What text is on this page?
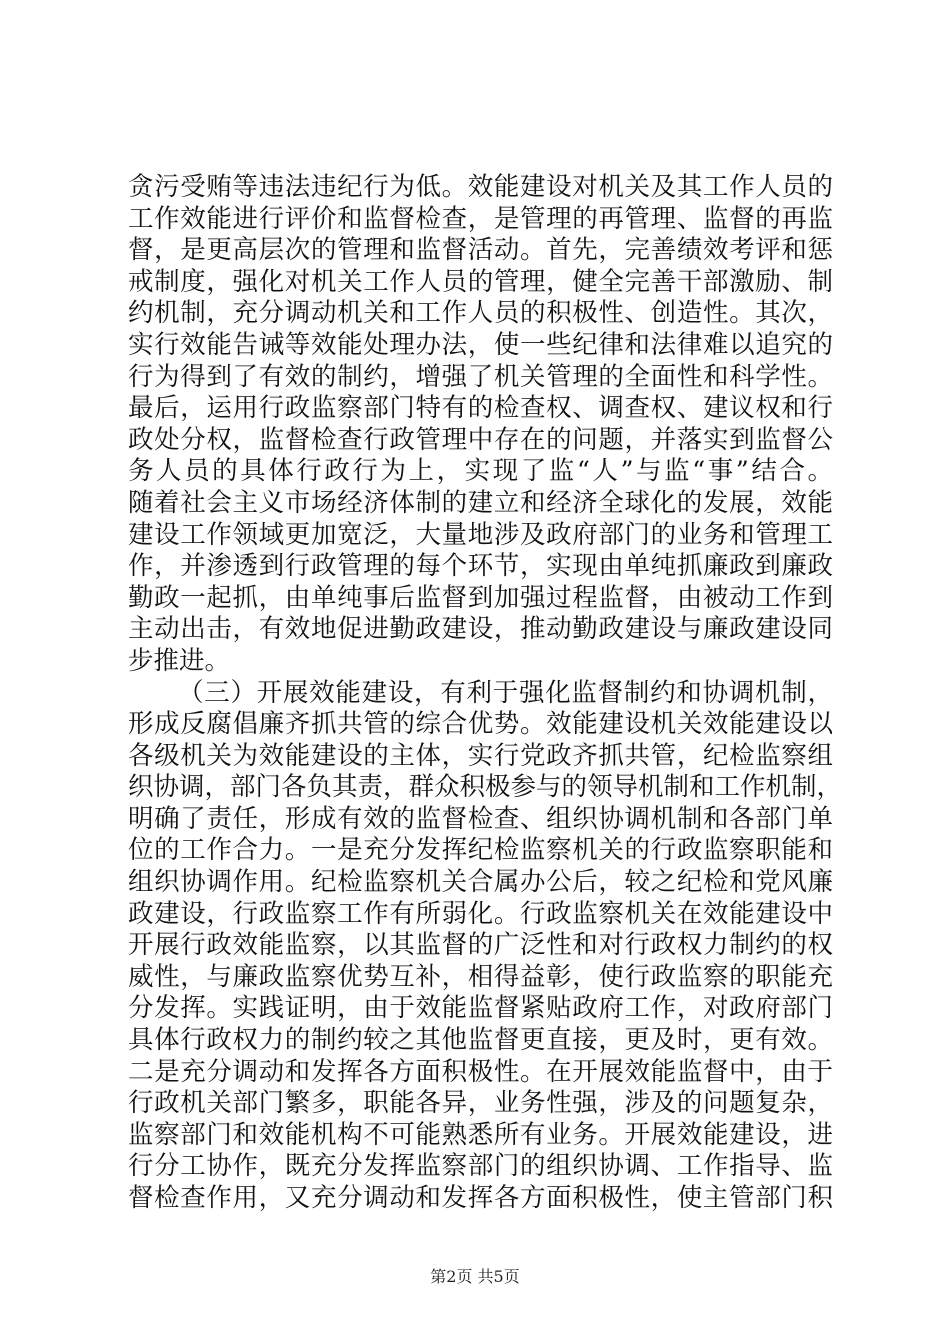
贪污受贿等违法违纪行为低。效能建设对机关及其工作人员的
工作效能进行评价和监督检查，是管理的再管理、监督的再监
督，是更高层次的管理和监督活动。首先，完善绩效考评和惩
戒制度，强化对机关工作人员的管理，健全完善干部激励、制
约机制，充分调动机关和工作人员的积极性、创造性。其次，
实行效能告诫等效能处理办法，使一些纪律和法律难以追究的
行为得到了有效的制约，增强了机关管理的全面性和科学性。
最后，运用行政监察部门特有的检查权、调查权、建议权和行
政处分权，监督检查行政管理中存在的问题，并落实到监督公
务人员的具体行政行为上，实现了监“人”与监“事”结合。
随着社会主义市场经济体制的建立和经济全球化的发展，效能
建设工作领域更加宽泛，大量地涉及政府部门的业务和管理工
作，并渗透到行政管理的每个环节，实现由单纯抓廉政到廉政
勤政一起抓，由单纯事后监督到加强过程监督，由被动工作到
主动出击，有效地促进勤政建设，推动勤政建设与廉政建设同
步推进。
（三）开展效能建设，有利于强化监督制约和协调机制，
形成反腐倡廉齐抓共管的综合优势。效能建设机关效能建设以
各级机关为效能建设的主体，实行党政齐抓共管，纪检监察组
织协调，部门各负其责，群众积极参与的领导机制和工作机制，
明确了责任，形成有效的监督检查、组织协调机制和各部门单
位的工作合力。一是充分发挥纪检监察机关的行政监察职能和
组织协调作用。纪检监察机关合属办公后，较之纪检和党风廉
政建设，行政监察工作有所弱化。行政监察机关在效能建设中
开展行政效能监察，以其监督的广泛性和对行政权力制约的权
威性，与廉政监察优势互补，相得益彰，使行政监察的职能充
分发挥。实践证明，由于效能监督紧贴政府工作，对政府部门
具体行政权力的制约较之其他监督更直接，更及时，更有效。
二是充分调动和发挥各方面积极性。在开展效能监督中，由于
行政机关部门繁多，职能各异，业务性强，涉及的问题复杂，
监察部门和效能机构不可能熟悉所有业务。开展效能建设，进
行分工协作，既充分发挥监察部门的组织协调、工作指导、监
督检查作用，又充分调动和发挥各方面积极性，使主管部门积
第2页 共5页
